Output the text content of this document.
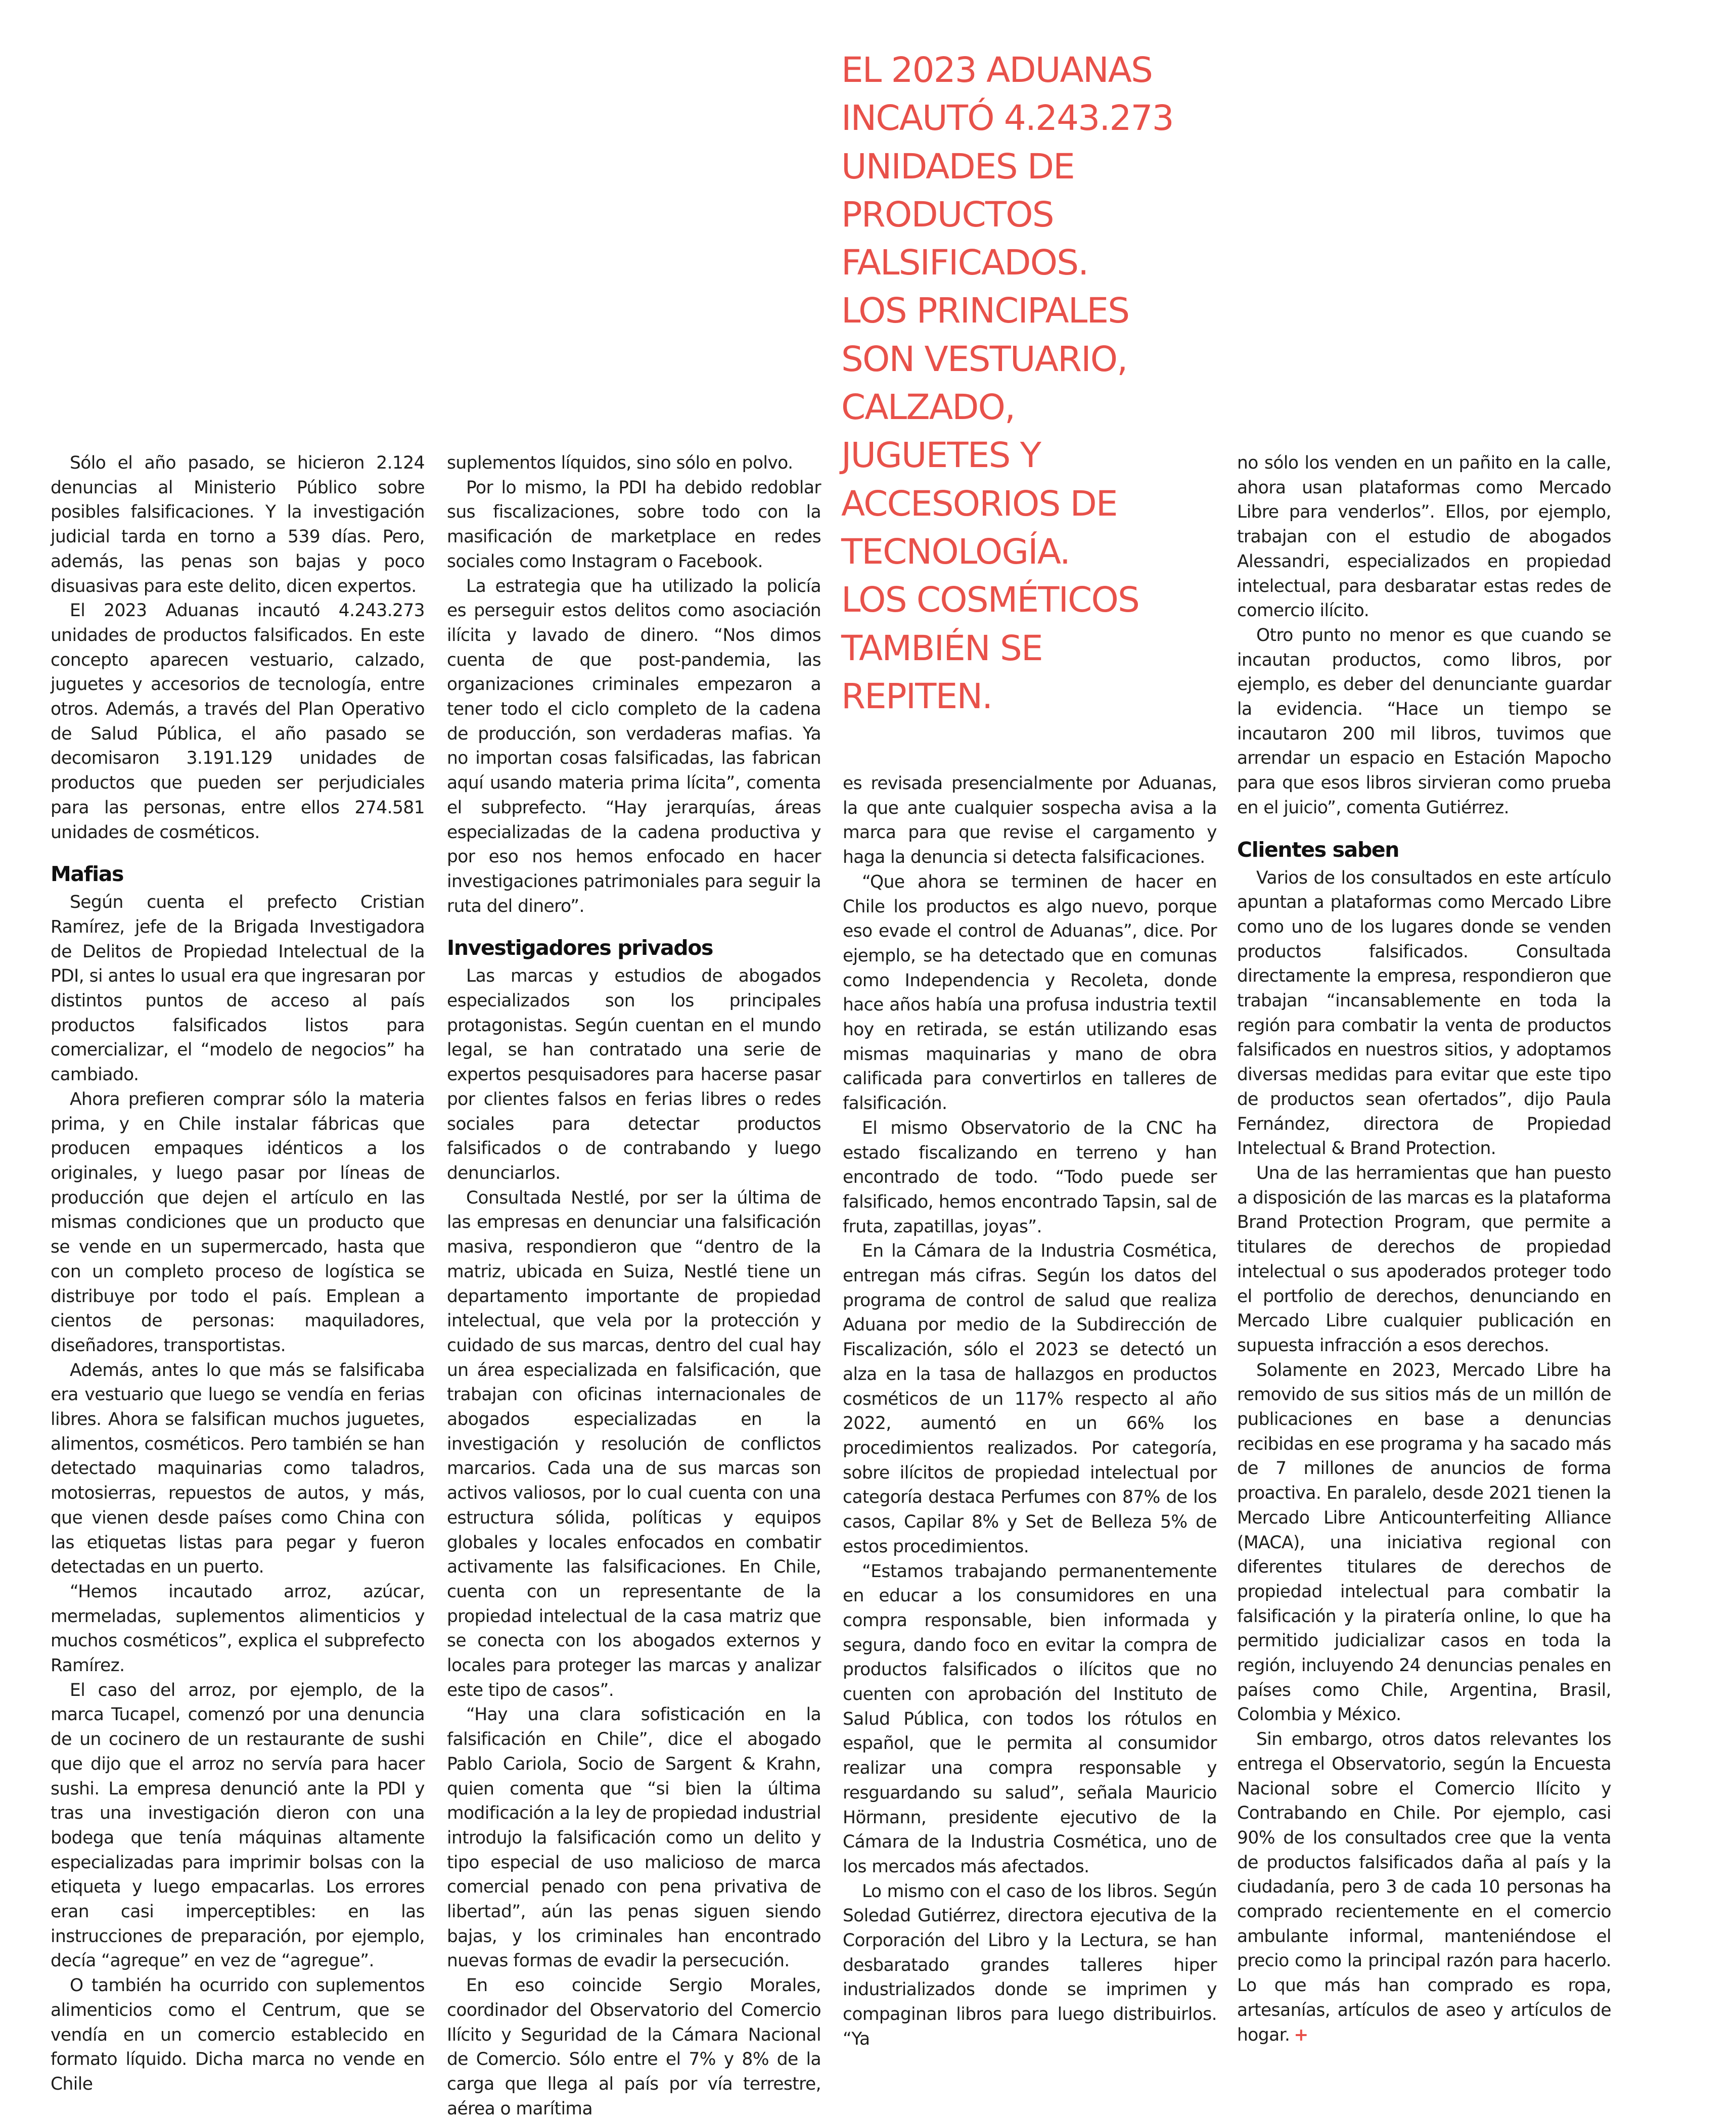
EL 2023 ADUANAS
INCAUTÓ 4.243.273
UNIDADES DE
PRODUCTOS
FALSIFICADOS.
LOS PRINCIPALES
SON VESTUARIO,
CALZADO,
JUGUETES Y
ACCESORIOS DE
TECNOLOGÍA.
LOS COSMÉTICOS
TAMBIÉN SE
REPITEN.

Sólo el año pasado, se hicieron 2.124 denuncias al Ministerio Público sobre posibles falsificaciones. Y la investigación judicial tarda en torno a 539 días. Pero, además, las penas son bajas y poco disuasivas para este delito, dicen expertos.

El 2023 Aduanas incautó 4.243.273 unidades de productos falsificados. En este concepto aparecen vestuario, calzado, juguetes y accesorios de tecnología, entre otros. Además, a través del Plan Operativo de Salud Pública, el año pasado se decomisaron 3.191.129 unidades de productos que pueden ser perjudiciales para las personas, entre ellos 274.581 unidades de cosméticos.

Mafias

Según cuenta el prefecto Cristian Ramírez, jefe de la Brigada Investigadora de Delitos de Propiedad Intelectual de la PDI, si antes lo usual era que ingresaran por distintos puntos de acceso al país productos falsificados listos para comercializar, el “modelo de negocios” ha cambiado.

Ahora prefieren comprar sólo la materia prima, y en Chile instalar fábricas que producen empaques idénticos a los originales, y luego pasar por líneas de producción que dejen el artículo en las mismas condiciones que un producto que se vende en un supermercado, hasta que con un completo proceso de logística se distribuye por todo el país. Emplean a cientos de personas: maquiladores, diseñadores, transportistas.

Además, antes lo que más se falsificaba era vestuario que luego se vendía en ferias libres. Ahora se falsifican muchos juguetes, alimentos, cosméticos. Pero también se han detectado maquinarias como taladros, motosierras, repuestos de autos, y más, que vienen desde países como China con las etiquetas listas para pegar y fueron detectadas en un puerto.

“Hemos incautado arroz, azúcar, mermeladas, suplementos alimenticios y muchos cosméticos”, explica el subprefecto Ramírez.

El caso del arroz, por ejemplo, de la marca Tucapel, comenzó por una denuncia de un cocinero de un restaurante de sushi que dijo que el arroz no servía para hacer sushi. La empresa denunció ante la PDI y tras una investigación dieron con una bodega que tenía máquinas altamente especializadas para imprimir bolsas con la etiqueta y luego empacarlas. Los errores eran casi imperceptibles: en las instrucciones de preparación, por ejemplo, decía “agreque” en vez de “agregue”.

O también ha ocurrido con suplementos alimenticios como el Centrum, que se vendía en un comercio establecido en formato líquido. Dicha marca no vende en Chile

suplementos líquidos, sino sólo en polvo.

Por lo mismo, la PDI ha debido redoblar sus fiscalizaciones, sobre todo con la masificación de marketplace en redes sociales como Instagram o Facebook.

La estrategia que ha utilizado la policía es perseguir estos delitos como asociación ilícita y lavado de dinero. “Nos dimos cuenta de que post-pandemia, las organizaciones criminales empezaron a tener todo el ciclo completo de la cadena de producción, son verdaderas mafias. Ya no importan cosas falsificadas, las fabrican aquí usando materia prima lícita”, comenta el subprefecto. “Hay jerarquías, áreas especializadas de la cadena productiva y por eso nos hemos enfocado en hacer investigaciones patrimoniales para seguir la ruta del dinero”.

Investigadores privados

Las marcas y estudios de abogados especializados son los principales protagonistas. Según cuentan en el mundo legal, se han contratado una serie de expertos pesquisadores para hacerse pasar por clientes falsos en ferias libres o redes sociales para detectar productos falsificados o de contrabando y luego denunciarlos.

Consultada Nestlé, por ser la última de las empresas en denunciar una falsificación masiva, respondieron que “dentro de la matriz, ubicada en Suiza, Nestlé tiene un departamento importante de propiedad intelectual, que vela por la protección y cuidado de sus marcas, dentro del cual hay un área especializada en falsificación, que trabajan con oficinas internacionales de abogados especializadas en la investigación y resolución de conflictos marcarios. Cada una de sus marcas son activos valiosos, por lo cual cuenta con una estructura sólida, políticas y equipos globales y locales enfocados en combatir activamente las falsificaciones. En Chile, cuenta con un representante de la propiedad intelectual de la casa matriz que se conecta con los abogados externos y locales para proteger las marcas y analizar este tipo de casos”.

“Hay una clara sofisticación en la falsificación en Chile”, dice el abogado Pablo Cariola, Socio de Sargent & Krahn, quien comenta que “si bien la última modificación a la ley de propiedad industrial introdujo la falsificación como un delito y tipo especial de uso malicioso de marca comercial penado con pena privativa de libertad”, aún las penas siguen siendo bajas, y los criminales han encontrado nuevas formas de evadir la persecución.

En eso coincide Sergio Morales, coordinador del Observatorio del Comercio Ilícito y Seguridad de la Cámara Nacional de Comercio. Sólo entre el 7% y 8% de la carga que llega al país por vía terrestre, aérea o marítima

es revisada presencialmente por Aduanas, la que ante cualquier sospecha avisa a la marca para que revise el cargamento y haga la denuncia si detecta falsificaciones.

“Que ahora se terminen de hacer en Chile los productos es algo nuevo, porque eso evade el control de Aduanas”, dice. Por ejemplo, se ha detectado que en comunas como Independencia y Recoleta, donde hace años había una profusa industria textil hoy en retirada, se están utilizando esas mismas maquinarias y mano de obra calificada para convertirlos en talleres de falsificación.

El mismo Observatorio de la CNC ha estado fiscalizando en terreno y han encontrado de todo. “Todo puede ser falsificado, hemos encontrado Tapsin, sal de fruta, zapatillas, joyas”.

En la Cámara de la Industria Cosmética, entregan más cifras. Según los datos del programa de control de salud que realiza Aduana por medio de la Subdirección de Fiscalización, sólo el 2023 se detectó un alza en la tasa de hallazgos en productos cosméticos de un 117% respecto al año 2022, aumentó en un 66% los procedimientos realizados. Por categoría, sobre ilícitos de propiedad intelectual por categoría destaca Perfumes con 87% de los casos, Capilar 8% y Set de Belleza 5% de estos procedimientos.

“Estamos trabajando permanentemente en educar a los consumidores en una compra responsable, bien informada y segura, dando foco en evitar la compra de productos falsificados o ilícitos que no cuenten con aprobación del Instituto de Salud Pública, con todos los rótulos en español, que le permita al consumidor realizar una compra responsable y resguardando su salud”, señala Mauricio Hörmann, presidente ejecutivo de la Cámara de la Industria Cosmética, uno de los mercados más afectados.

Lo mismo con el caso de los libros. Según Soledad Gutiérrez, directora ejecutiva de la Corporación del Libro y la Lectura, se han desbaratado grandes talleres hiper industrializados donde se imprimen y compaginan libros para luego distribuirlos. “Ya

no sólo los venden en un pañito en la calle, ahora usan plataformas como Mercado Libre para venderlos”. Ellos, por ejemplo, trabajan con el estudio de abogados Alessandri, especializados en propiedad intelectual, para desbaratar estas redes de comercio ilícito.

Otro punto no menor es que cuando se incautan productos, como libros, por ejemplo, es deber del denunciante guardar la evidencia. “Hace un tiempo se incautaron 200 mil libros, tuvimos que arrendar un espacio en Estación Mapocho para que esos libros sirvieran como prueba en el juicio”, comenta Gutiérrez.

Clientes saben

Varios de los consultados en este artículo apuntan a plataformas como Mercado Libre como uno de los lugares donde se venden productos falsificados. Consultada directamente la empresa, respondieron que trabajan “incansablemente en toda la región para combatir la venta de productos falsificados en nuestros sitios, y adoptamos diversas medidas para evitar que este tipo de productos sean ofertados”, dijo Paula Fernández, directora de Propiedad Intelectual & Brand Protection.

Una de las herramientas que han puesto a disposición de las marcas es la plataforma Brand Protection Program, que permite a titulares de derechos de propiedad intelectual o sus apoderados proteger todo el portfolio de derechos, denunciando en Mercado Libre cualquier publicación en supuesta infracción a esos derechos.

Solamente en 2023, Mercado Libre ha removido de sus sitios más de un millón de publicaciones en base a denuncias recibidas en ese programa y ha sacado más de 7 millones de anuncios de forma proactiva. En paralelo, desde 2021 tienen la Mercado Libre Anticounterfeiting Alliance (MACA), una iniciativa regional con diferentes titulares de derechos de propiedad intelectual para combatir la falsificación y la piratería online, lo que ha permitido judicializar casos en toda la región, incluyendo 24 denuncias penales en países como Chile, Argentina, Brasil, Colombia y México.

Sin embargo, otros datos relevantes los entrega el Observatorio, según la Encuesta Nacional sobre el Comercio Ilícito y Contrabando en Chile. Por ejemplo, casi 90% de los consultados cree que la venta de productos falsificados daña al país y la ciudadanía, pero 3 de cada 10 personas ha comprado recientemente en el comercio ambulante informal, manteniéndose el precio como la principal razón para hacerlo. Lo que más han comprado es ropa, artesanías, artículos de aseo y artículos de hogar. +
